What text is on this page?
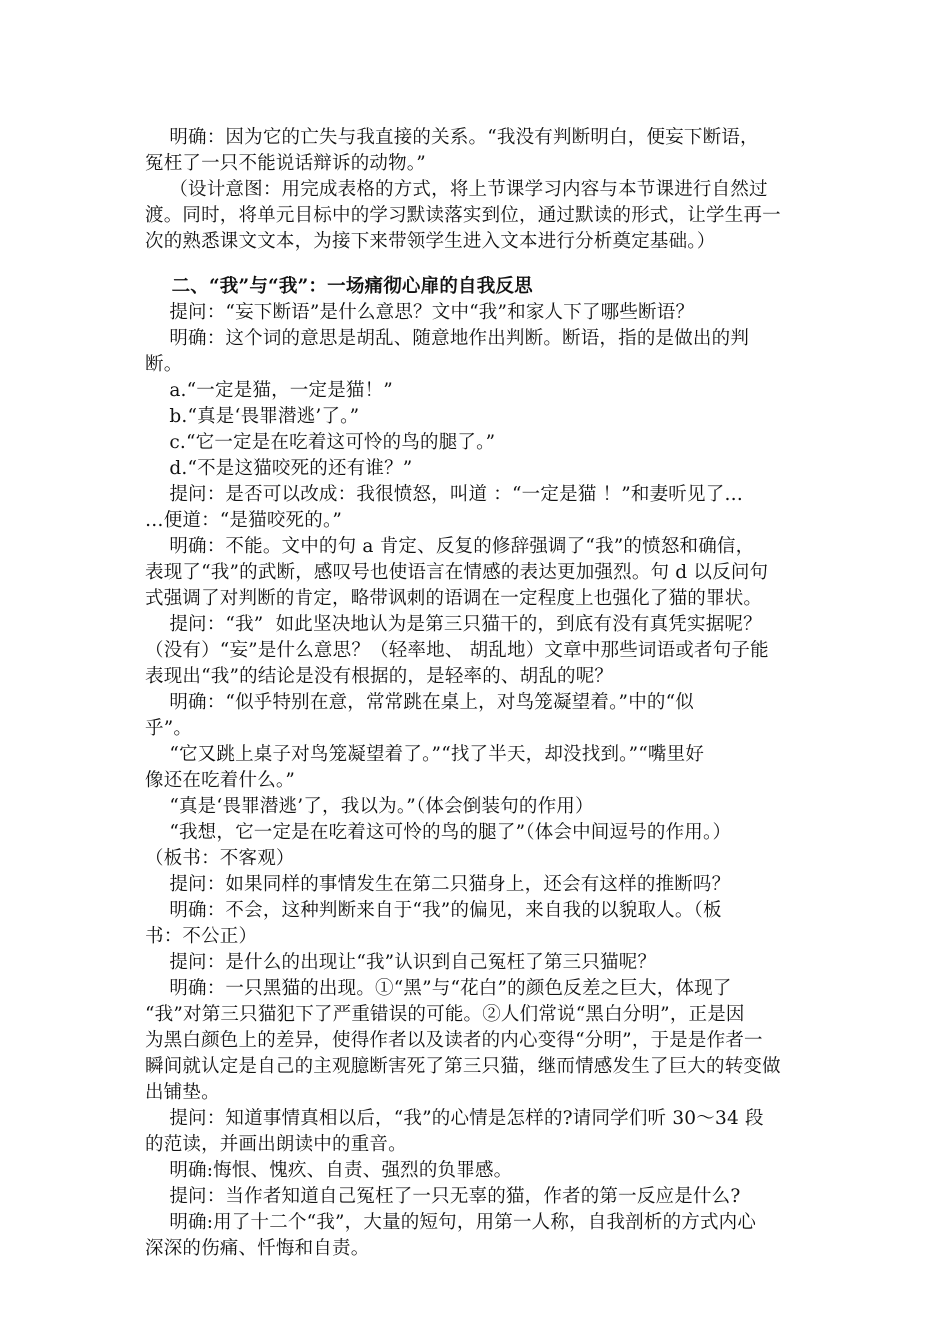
明确：因为它的亡失与我直接的关系。“我没有判断明白，便妄下断语，
冤枉了一只不能说话辩诉的动物。”
（设计意图：用完成表格的方式，将上节课学习内容与本节课进行自然过
渡。同时，将单元目标中的学习默读落实到位，通过默读的形式，让学生再一
次的熟悉课文文本，为接下来带领学生进入文本进行分析奠定基础。）
二、“我”与“我”：一场痛彻心扉的自我反思
提问：“妄下断语”是什么意思？文中“我”和家人下了哪些断语？
明确：这个词的意思是胡乱、随意地作出判断。断语，指的是做出的判
断。
a.“一定是猫，一定是猫！”
b.“真是‘畏罪潜逃’了。”
c.“它一定是在吃着这可怜的鸟的腿了。”
d.“不是这猫咬死的还有谁？”
提问：是否可以改成：我很愤怒，叫道 ：“一定是猫 ！”和妻听见了…
…便道：“是猫咬死的。”
明确：不能。文中的句 a 肯定、反复的修辞强调了“我”的愤怒和确信，
表现了“我”的武断，感叹号也使语言在情感的表达更加强烈。句 d 以反问句
式强调了对判断的肯定，略带讽刺的语调在一定程度上也强化了猫的罪状。
提问：“我”  如此坚决地认为是第三只猫干的，到底有没有真凭实据呢？
（没有）“妄”是什么意思？（轻率地、 胡乱地）文章中那些词语或者句子能
表现出“我”的结论是没有根据的，是轻率的、胡乱的呢？
明确：“似乎特别在意，常常跳在桌上，对鸟笼凝望着。”中的“似
乎”。
“它又跳上桌子对鸟笼凝望着了。”“找了半天，却没找到。”“嘴里好
像还在吃着什么。”
“真是‘畏罪潜逃’了，我以为。”（体会倒装句的作用）
“我想，它一定是在吃着这可怜的鸟的腿了”（体会中间逗号的作用。）
（板书：不客观）
提问：如果同样的事情发生在第二只猫身上，还会有这样的推断吗？
明确：不会，这种判断来自于“我”的偏见，来自我的以貌取人。（板
书：不公正）
提问：是什么的出现让“我”认识到自己冤枉了第三只猫呢？
明确：一只黑猫的出现。①“黑”与“花白”的颜色反差之巨大，体现了
“我”对第三只猫犯下了严重错误的可能。②人们常说“黑白分明”，正是因
为黑白颜色上的差异，使得作者以及读者的内心变得“分明”，于是是作者一
瞬间就认定是自己的主观臆断害死了第三只猫，继而情感发生了巨大的转变做
出铺垫。
提问：知道事情真相以后，“我”的心情是怎样的?请同学们听 30～34 段
的范读，并画出朗读中的重音。
明确:悔恨、愧疚、自责、强烈的负罪感。
提问：当作者知道自己冤枉了一只无辜的猫，作者的第一反应是什么?
明确:用了十二个“我”，大量的短句，用第一人称，自我剖析的方式内心
深深的伤痛、忏悔和自责。
